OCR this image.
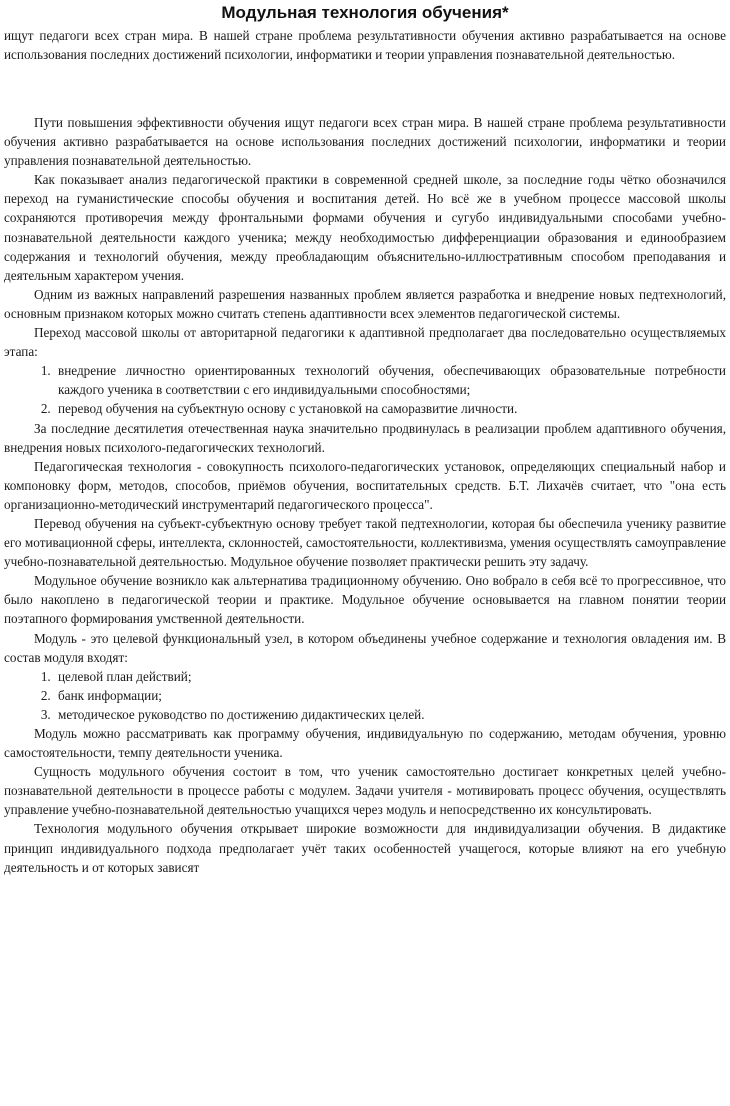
Модульная технология обучения*

ищут педагоги всех стран мира. В нашей стране проблема результативности обучения активно разрабатывается на основе использования последних достижений психологии, информатики и теории управления познавательной деятельностью.

Пути повышения эффективности обучения ищут педагоги всех стран мира. В нашей стране проблема результативности обучения активно разрабатывается на основе использования последних достижений психологии, информатики и теории управления познавательной деятельностью.

Как показывает анализ педагогической практики в современной средней школе, за последние годы чётко обозначился переход на гуманистические способы обучения и воспитания детей. Но всё же в учебном процессе массовой школы сохраняются противоречия между фронтальными формами обучения и сугубо индивидуальными способами учебно-познавательной деятельности каждого ученика; между необходимостью дифференциации образования и единообразием содержания и технологий обучения, между преобладающим объяснительно-иллюстративным способом преподавания и деятельным характером учения.

Одним из важных направлений разрешения названных проблем является разработка и внедрение новых педтехнологий, основным признаком которых можно считать степень адаптивности всех элементов педагогической системы.

Переход массовой школы от авторитарной педагогики к адаптивной предполагает два последовательно осуществляемых этапа:

1. внедрение личностно ориентированных технологий обучения, обеспечивающих образовательные потребности каждого ученика в соответствии с его индивидуальными способностями;
2. перевод обучения на субъектную основу с установкой на саморазвитие личности.

За последние десятилетия отечественная наука значительно продвинулась в реализации проблем адаптивного обучения, внедрения новых психолого-педагогических технологий.

Педагогическая технология - совокупность психолого-педагогических установок, определяющих специальный набор и компоновку форм, методов, способов, приёмов обучения, воспитательных средств. Б.Т. Лихачёв считает, что "она есть организационно-методический инструментарий педагогического процесса".

Перевод обучения на субъект-субъектную основу требует такой педтехнологии, которая бы обеспечила ученику развитие его мотивационной сферы, интеллекта, склонностей, самостоятельности, коллективизма, умения осуществлять самоуправление учебно-познавательной деятельностью. Модульное обучение позволяет практически решить эту задачу.

Модульное обучение возникло как альтернатива традиционному обучению. Оно вобрало в себя всё то прогрессивное, что было накоплено в педагогической теории и практике. Модульное обучение основывается на главном понятии теории поэтапного формирования умственной деятельности.

Модуль - это целевой функциональный узел, в котором объединены учебное содержание и технология овладения им. В состав модуля входят:

1. целевой план действий;
2. банк информации;
3. методическое руководство по достижению дидактических целей.

Модуль можно рассматривать как программу обучения, индивидуальную по содержанию, методам обучения, уровню самостоятельности, темпу деятельности ученика.

Сущность модульного обучения состоит в том, что ученик самостоятельно достигает конкретных целей учебно-познавательной деятельности в процессе работы с модулем. Задачи учителя - мотивировать процесс обучения, осуществлять управление учебно-познавательной деятельностью учащихся через модуль и непосредственно их консультировать.

Технология модульного обучения открывает широкие возможности для индивидуализации обучения. В дидактике принцип индивидуального подхода предполагает учёт таких особенностей учащегося, которые влияют на его учебную деятельность и от которых зависят
